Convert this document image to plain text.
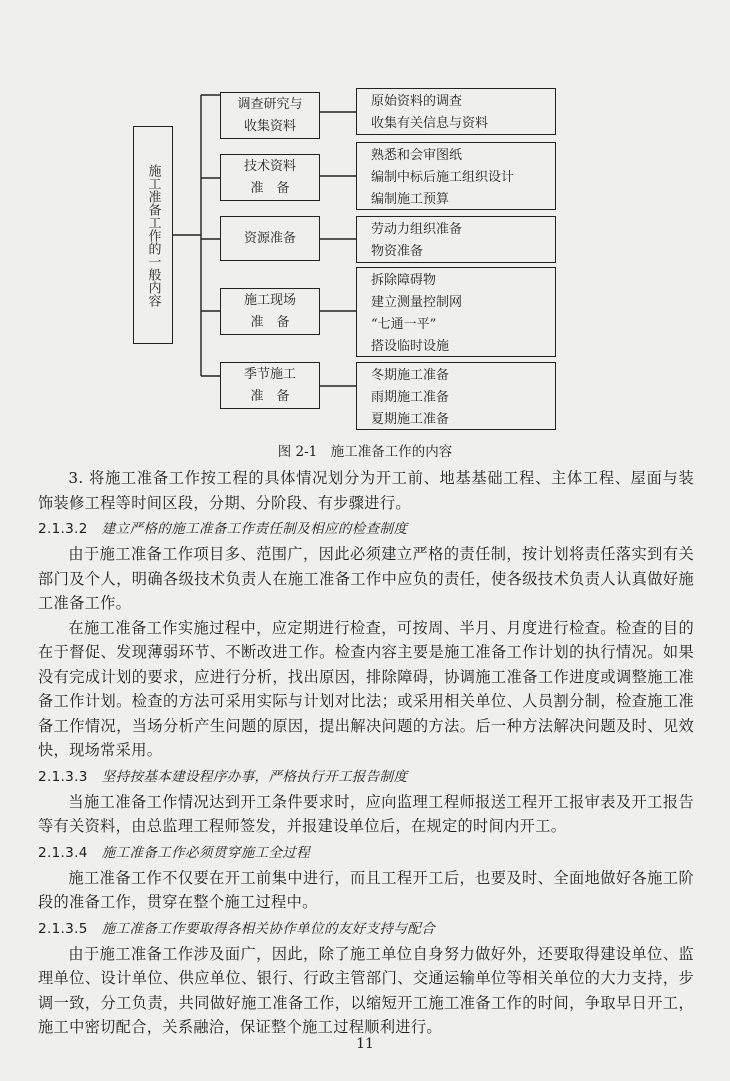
施工准备工作的一般内容
调查研究与
收集资料
技术资料
准　备
资源准备
施工现场
准　备
季节施工
准　备
原始资料的调查
收集有关信息与资料
熟悉和会审图纸
编制中标后施工组织设计
编制施工预算
劳动力组织准备
物资准备
拆除障碍物
建立测量控制网
“七通一平”
搭设临时设施
冬期施工准备
雨期施工准备
夏期施工准备
图 2-1　施工准备工作的内容

3. 将施工准备工作按工程的具体情况划分为开工前、地基基础工程、主体工程、屋面与装饰装修工程等时间区段，分期、分阶段、有步骤进行。

2.1.3.2 建立严格的施工准备工作责任制及相应的检查制度

由于施工准备工作项目多、范围广，因此必须建立严格的责任制，按计划将责任落实到有关部门及个人，明确各级技术负责人在施工准备工作中应负的责任，使各级技术负责人认真做好施工准备工作。

在施工准备工作实施过程中，应定期进行检查，可按周、半月、月度进行检查。检查的目的在于督促、发现薄弱环节、不断改进工作。检查内容主要是施工准备工作计划的执行情况。如果没有完成计划的要求，应进行分析，找出原因，排除障碍，协调施工准备工作进度或调整施工准备工作计划。检查的方法可采用实际与计划对比法；或采用相关单位、人员割分制，检查施工准备工作情况，当场分析产生问题的原因，提出解决问题的方法。后一种方法解决问题及时、见效快，现场常采用。

2.1.3.3 坚持按基本建设程序办事，严格执行开工报告制度

当施工准备工作情况达到开工条件要求时，应向监理工程师报送工程开工报审表及开工报告等有关资料，由总监理工程师签发，并报建设单位后，在规定的时间内开工。

2.1.3.4 施工准备工作必须贯穿施工全过程

施工准备工作不仅要在开工前集中进行，而且工程开工后，也要及时、全面地做好各施工阶段的准备工作，贯穿在整个施工过程中。

2.1.3.5 施工准备工作要取得各相关协作单位的友好支持与配合

由于施工准备工作涉及面广，因此，除了施工单位自身努力做好外，还要取得建设单位、监理单位、设计单位、供应单位、银行、行政主管部门、交通运输单位等相关单位的大力支持，步调一致，分工负责，共同做好施工准备工作，以缩短开工施工准备工作的时间，争取早日开工，施工中密切配合，关系融洽，保证整个施工过程顺利进行。

11
